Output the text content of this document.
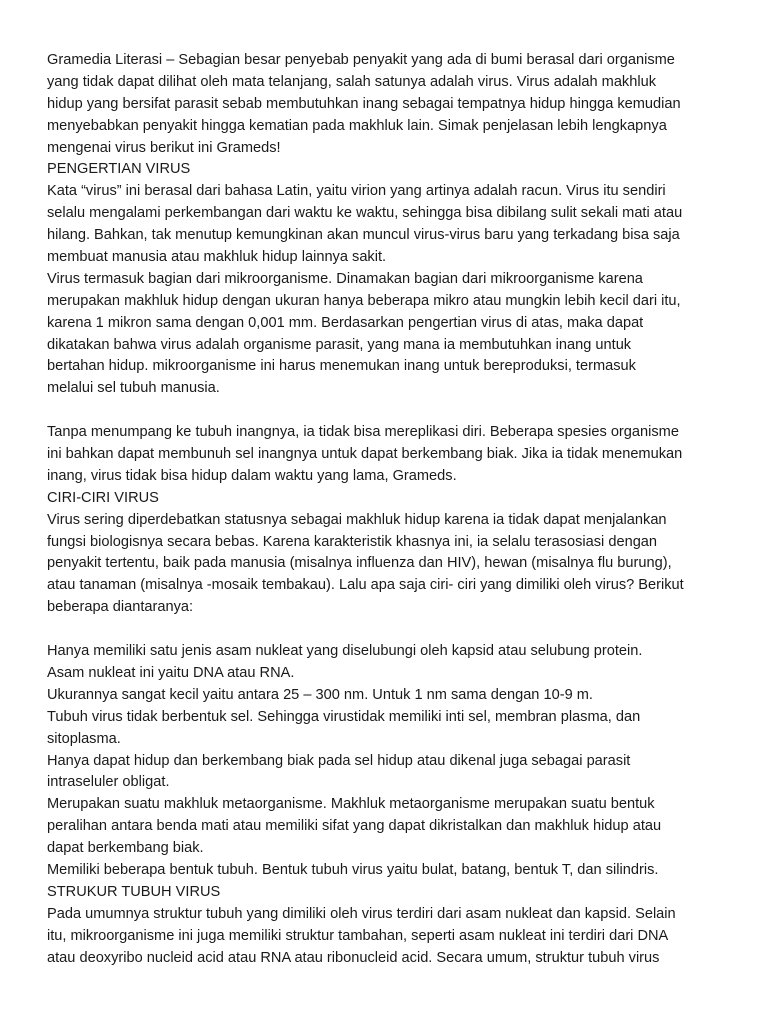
Gramedia Literasi – Sebagian besar penyebab penyakit yang ada di bumi berasal dari organisme
yang tidak dapat dilihat oleh mata telanjang, salah satunya adalah virus. Virus adalah makhluk
hidup yang bersifat parasit sebab membutuhkan inang sebagai tempatnya hidup hingga kemudian
menyebabkan penyakit hingga kematian pada makhluk lain. Simak penjelasan lebih lengkapnya
mengenai virus berikut ini Grameds!
PENGERTIAN VIRUS
Kata “virus” ini berasal dari bahasa Latin, yaitu virion yang artinya adalah racun. Virus itu sendiri
selalu mengalami perkembangan dari waktu ke waktu, sehingga bisa dibilang sulit sekali mati atau
hilang. Bahkan, tak menutup kemungkinan akan muncul virus-virus baru yang terkadang bisa saja
membuat manusia atau makhluk hidup lainnya sakit.
Virus termasuk bagian dari mikroorganisme. Dinamakan bagian dari mikroorganisme karena
merupakan makhluk hidup dengan ukuran hanya beberapa mikro atau mungkin lebih kecil dari itu,
karena 1 mikron sama dengan 0,001 mm. Berdasarkan pengertian virus di atas, maka dapat
dikatakan bahwa virus adalah organisme parasit, yang mana ia membutuhkan inang untuk
bertahan hidup. mikroorganisme ini harus menemukan inang untuk bereproduksi, termasuk
melalui sel tubuh manusia.
Tanpa menumpang ke tubuh inangnya, ia tidak bisa mereplikasi diri. Beberapa spesies organisme
ini bahkan dapat membunuh sel inangnya untuk dapat berkembang biak. Jika ia tidak menemukan
inang, virus tidak bisa hidup dalam waktu yang lama, Grameds.
CIRI-CIRI VIRUS
Virus sering diperdebatkan statusnya sebagai makhluk hidup karena ia tidak dapat menjalankan
fungsi biologisnya secara bebas. Karena karakteristik khasnya ini, ia selalu terasosiasi dengan
penyakit tertentu, baik pada manusia (misalnya influenza dan HIV), hewan (misalnya flu burung),
atau tanaman (misalnya -mosaik tembakau). Lalu apa saja ciri- ciri yang dimiliki oleh virus? Berikut
beberapa diantaranya:
Hanya memiliki satu jenis asam nukleat yang diselubungi oleh kapsid atau selubung protein.
Asam nukleat ini yaitu DNA atau RNA.
Ukurannya sangat kecil yaitu antara 25 – 300 nm. Untuk 1 nm sama dengan 10-9 m.
Tubuh virus tidak berbentuk sel. Sehingga virustidak memiliki inti sel, membran plasma, dan
sitoplasma.
Hanya dapat hidup dan berkembang biak pada sel hidup atau dikenal juga sebagai parasit
intraseluler obligat.
Merupakan suatu makhluk metaorganisme. Makhluk metaorganisme merupakan suatu bentuk
peralihan antara benda mati atau memiliki sifat yang dapat dikristalkan dan makhluk hidup atau
dapat berkembang biak.
Memiliki beberapa bentuk tubuh. Bentuk tubuh virus yaitu bulat, batang, bentuk T, dan silindris.
STRUKUR TUBUH VIRUS
Pada umumnya struktur tubuh yang dimiliki oleh virus terdiri dari asam nukleat dan kapsid. Selain
itu, mikroorganisme ini juga memiliki struktur tambahan, seperti asam nukleat ini terdiri dari DNA
atau deoxyribo nucleid acid atau RNA atau ribonucleid acid. Secara umum, struktur tubuh virus
